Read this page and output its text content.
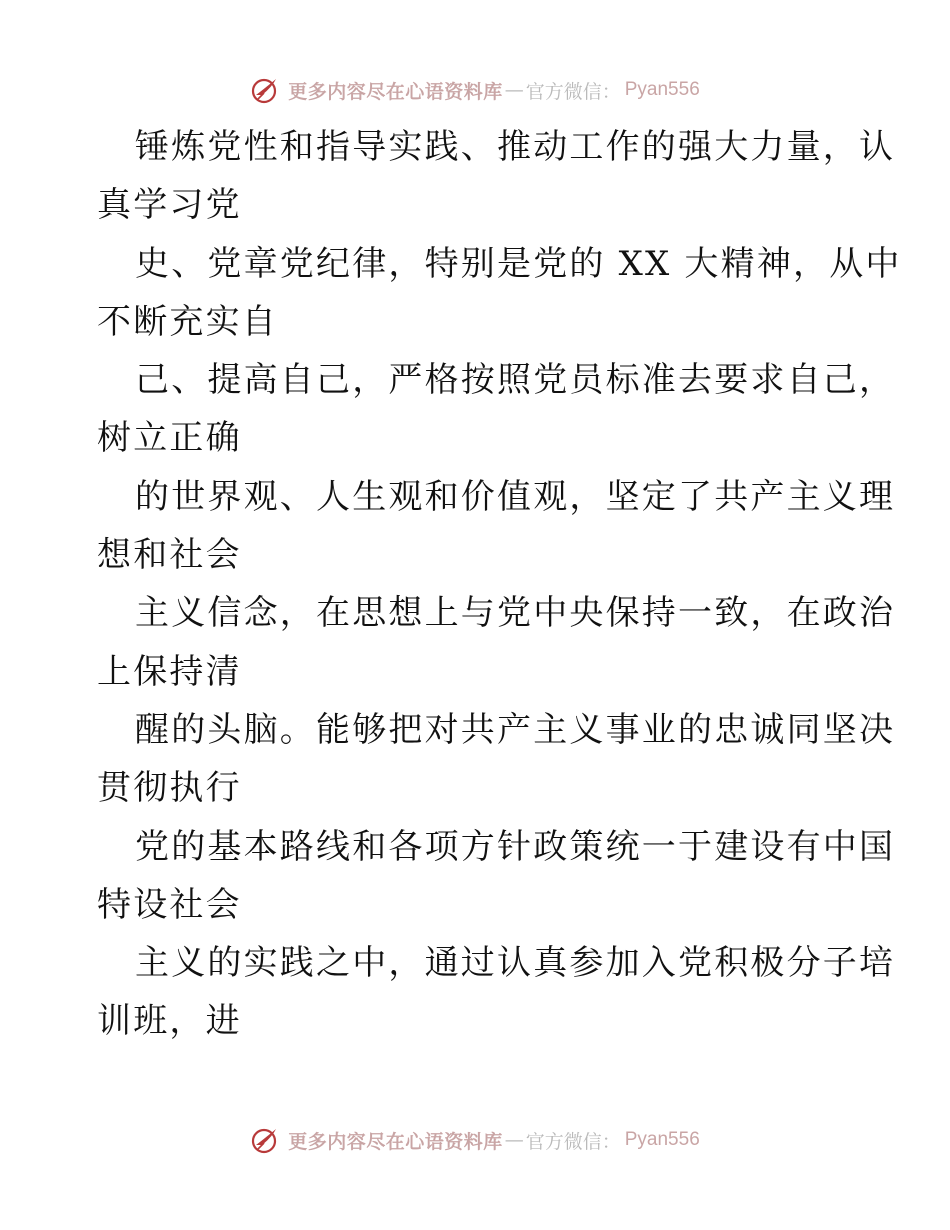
更多内容尽在心语资料库 — 官方微信： Pyan556
锤炼党性和指导实践、推动工作的强大力量，认
真学习党
史、党章党纪律，特别是党的 XX 大精神，从中
不断充实自
己、提高自己，严格按照党员标准去要求自己，
树立正确
的世界观、人生观和价值观，坚定了共产主义理
想和社会
主义信念，在思想上与党中央保持一致，在政治
上保持清
醒的头脑。能够把对共产主义事业的忠诚同坚决
贯彻执行
党的基本路线和各项方针政策统一于建设有中国
特设社会
主义的实践之中，通过认真参加入党积极分子培
训班，进
更多内容尽在心语资料库 — 官方微信： Pyan556
